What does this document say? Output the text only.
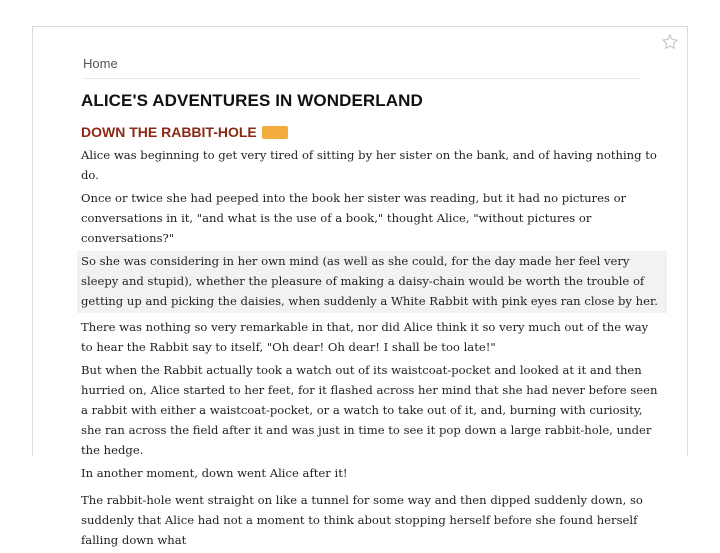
Home
ALICE'S ADVENTURES IN WONDERLAND
DOWN THE RABBIT-HOLE

Alice was beginning to get very tired of sitting by her sister on the bank, and of having nothing to do.

Once or twice she had peeped into the book her sister was reading, but it had no pictures or conversations in it, "and what is the use of a book," thought Alice, "without pictures or conversations?"

So she was considering in her own mind (as well as she could, for the day made her feel very sleepy and stupid), whether the pleasure of making a daisy-chain would be worth the trouble of getting up and picking the daisies, when suddenly a White Rabbit with pink eyes ran close by her.

There was nothing so very remarkable in that, nor did Alice think it so very much out of the way to hear the Rabbit say to itself, "Oh dear! Oh dear! I shall be too late!"

But when the Rabbit actually took a watch out of its waistcoat-pocket and looked at it and then hurried on, Alice started to her feet, for it flashed across her mind that she had never before seen a rabbit with either a waistcoat-pocket, or a watch to take out of it, and, burning with curiosity, she ran across the field after it and was just in time to see it pop down a large rabbit-hole, under the hedge.

In another moment, down went Alice after it!

The rabbit-hole went straight on like a tunnel for some way and then dipped suddenly down, so suddenly that Alice had not a moment to think about stopping herself before she found herself falling down what
